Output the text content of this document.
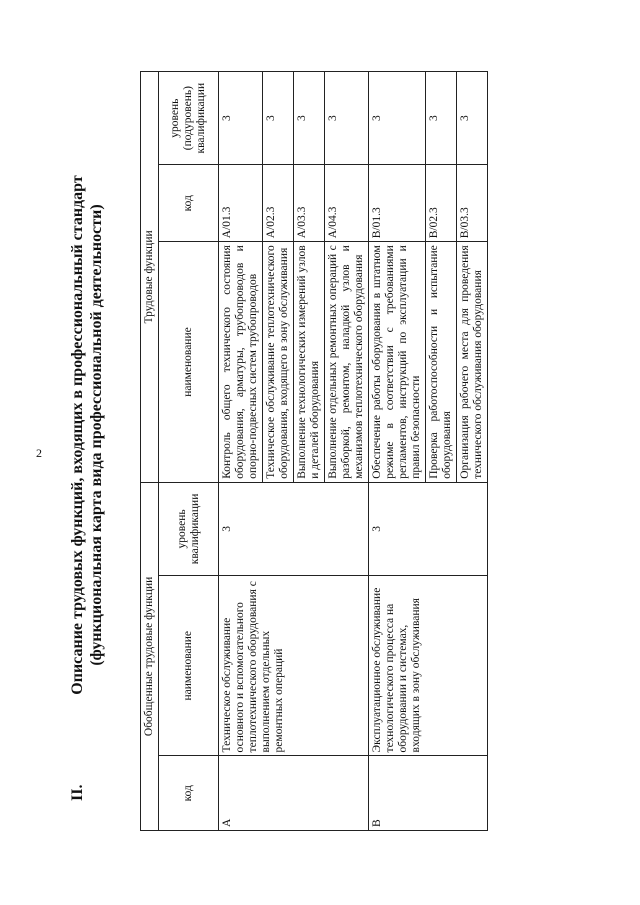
2
II.
Описание трудовых функций, входящих в профессиональный стандарт (функциональная карта вида профессиональной деятельности)	Обобщенные трудовые функции			Трудовые функции		
код	наименование	уровень квалификации	наименование	код	уровень (подуровень) квалификации
A	Техническое обслуживание основного и вспомогательного теплотехнического оборудования с выполнением отдельных ремонтных операций	3	Контроль общего технического состояния оборудования, арматуры, трубопроводов и опорно-подвесных систем трубопроводов	A/01.3	3
			Техническое обслуживание теплотехнического оборудования, входящего в зону обслуживания	A/02.3	3
			Выполнение технологических измерений узлов и деталей оборудования	A/03.3	3
			Выполнение отдельных ремонтных операций с разборкой, ремонтом, наладкой узлов и механизмов теплотехнического оборудования	A/04.3	3
B	Эксплуатационное обслуживание технологического процесса на оборудовании и системах, входящих в зону обслуживания	3	Обеспечение работы оборудования в штатном режиме в соответствии с требованиями регламентов, инструкций по эксплуатации и правил безопасности	B/01.3	3
			Проверка работоспособности и испытание оборудования	B/02.3	3
			Организация рабочего места для проведения технического обслуживания оборудования	B/03.3	3
